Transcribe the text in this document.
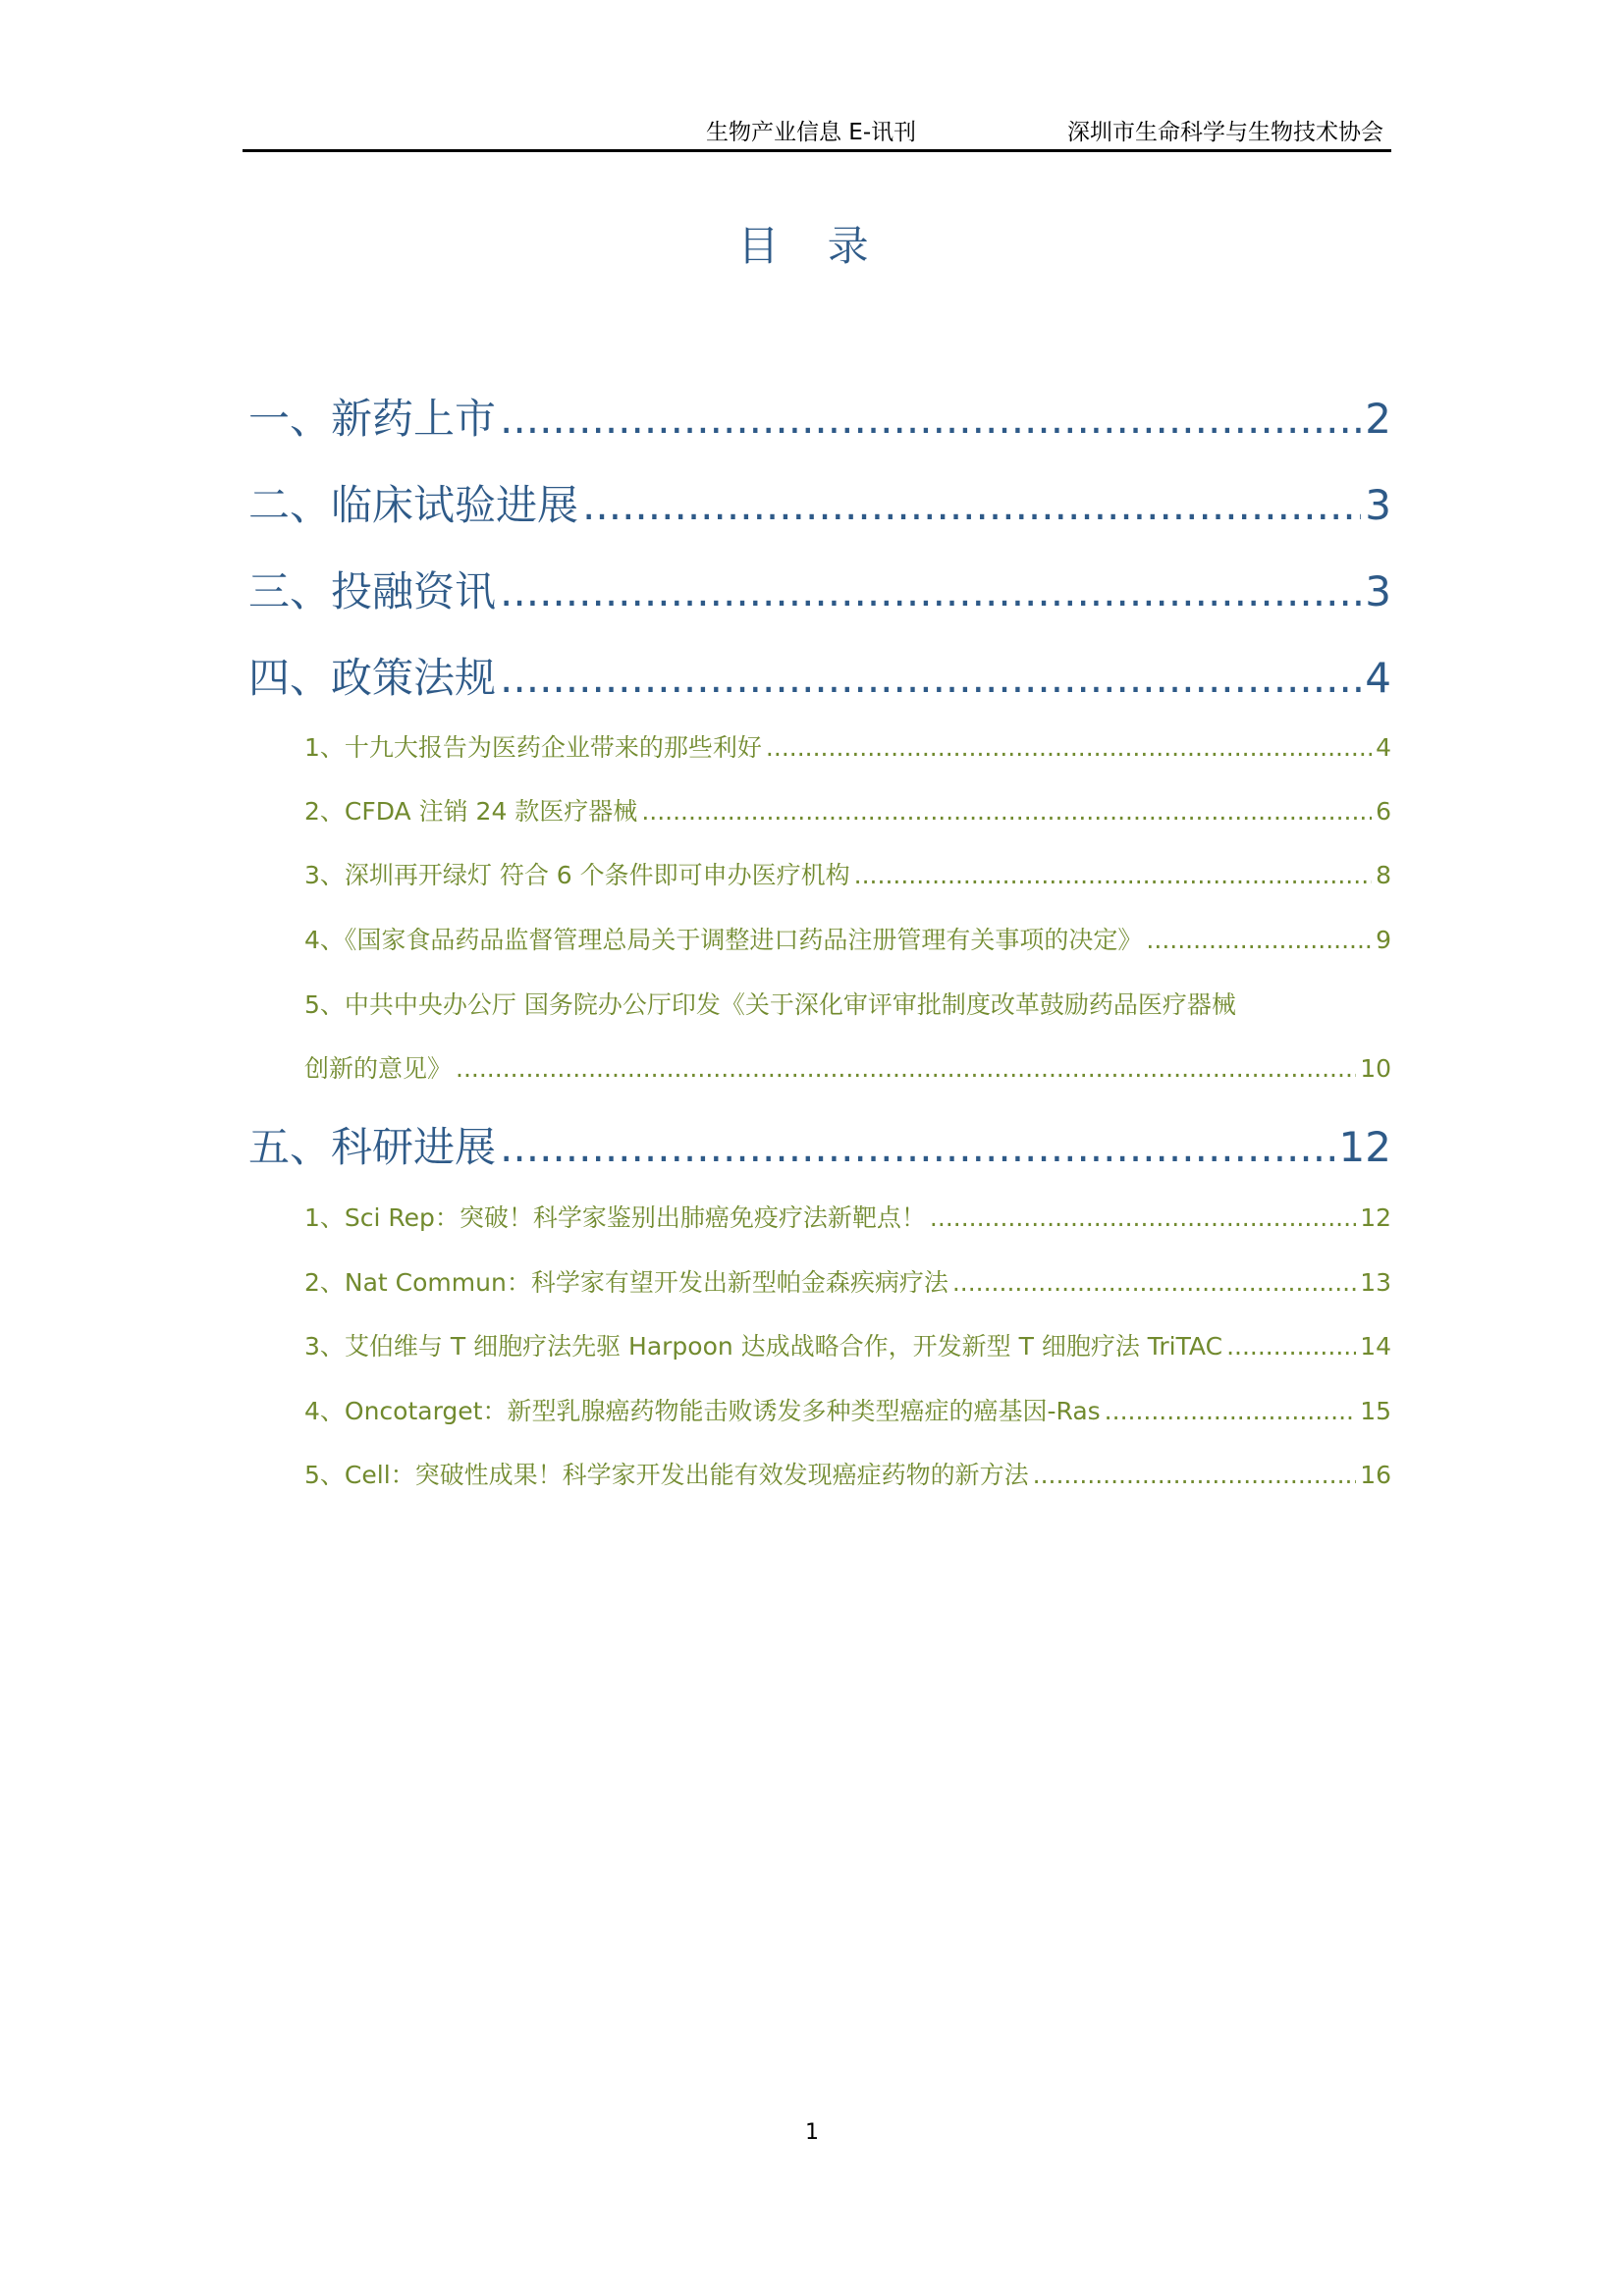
生物产业信息 E-讯刊	深圳市生命科学与生物技术协会
目 录
一、新药上市 .....	2
二、临床试验进展 .....	3
三、投融资讯 .....	3
四、政策法规 .....	4
1、十九大报告为医药企业带来的那些利好 .....	4
2、CFDA 注销 24 款医疗器械 .....	6
3、深圳再开绿灯 符合 6 个条件即可申办医疗机构 .....	8
4、《国家食品药品监督管理总局关于调整进口药品注册管理有关事项的决定》 .....	9
5、中共中央办公厅 国务院办公厅印发《关于深化审评审批制度改革鼓励药品医疗器械
创新的意见》 .....	10
五、科研进展 .....	12
1、Sci Rep：突破！科学家鉴别出肺癌免疫疗法新靶点！ .....	12
2、Nat Commun：科学家有望开发出新型帕金森疾病疗法 .....	13
3、艾伯维与 T 细胞疗法先驱 Harpoon 达成战略合作，开发新型 T 细胞疗法 TriTAC .....	14
4、Oncotarget：新型乳腺癌药物能击败诱发多种类型癌症的癌基因-Ras .....	15
5、Cell：突破性成果！科学家开发出能有效发现癌症药物的新方法 .....	16
1
